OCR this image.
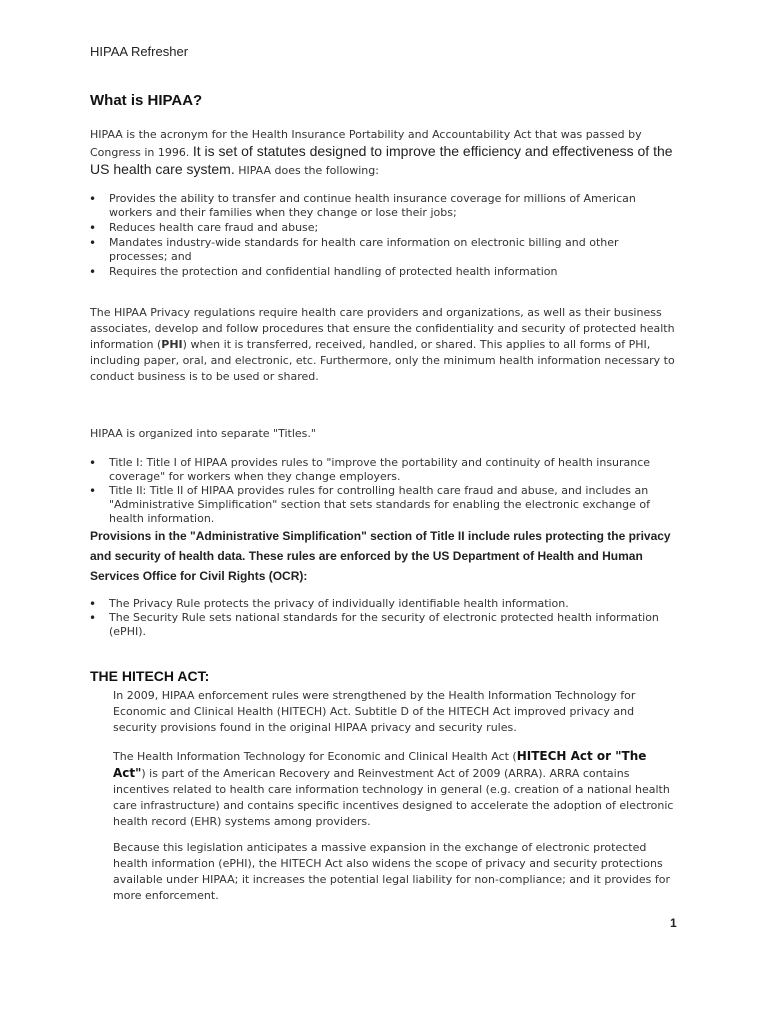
HIPAA Refresher
What is HIPAA?
HIPAA is the acronym for the Health Insurance Portability and Accountability Act that was passed by Congress in 1996. It is set of statutes designed to improve the efficiency and effectiveness of the US health care system. HIPAA does the following:
• Provides the ability to transfer and continue health insurance coverage for millions of American workers and their families when they change or lose their jobs;
• Reduces health care fraud and abuse;
• Mandates industry-wide standards for health care information on electronic billing and other processes; and
• Requires the protection and confidential handling of protected health information
The HIPAA Privacy regulations require health care providers and organizations, as well as their business associates, develop and follow procedures that ensure the confidentiality and security of protected health information (PHI) when it is transferred, received, handled, or shared. This applies to all forms of PHI, including paper, oral, and electronic, etc. Furthermore, only the minimum health information necessary to conduct business is to be used or shared.
HIPAA is organized into separate "Titles."
• Title I: Title I of HIPAA provides rules to "improve the portability and continuity of health insurance coverage" for workers when they change employers.
• Title II: Title II of HIPAA provides rules for controlling health care fraud and abuse, and includes an "Administrative Simplification" section that sets standards for enabling the electronic exchange of health information.
Provisions in the "Administrative Simplification" section of Title II include rules protecting the privacy and security of health data. These rules are enforced by the US Department of Health and Human Services Office for Civil Rights (OCR):
• The Privacy Rule protects the privacy of individually identifiable health information.
• The Security Rule sets national standards for the security of electronic protected health information (ePHI).
THE HITECH ACT:
In 2009, HIPAA enforcement rules were strengthened by the Health Information Technology for Economic and Clinical Health (HITECH) Act. Subtitle D of the HITECH Act improved privacy and security provisions found in the original HIPAA privacy and security rules.
The Health Information Technology for Economic and Clinical Health Act (HITECH Act or "The Act") is part of the American Recovery and Reinvestment Act of 2009 (ARRA). ARRA contains incentives related to health care information technology in general (e.g. creation of a national health care infrastructure) and contains specific incentives designed to accelerate the adoption of electronic health record (EHR) systems among providers.
Because this legislation anticipates a massive expansion in the exchange of electronic protected health information (ePHI), the HITECH Act also widens the scope of privacy and security protections available under HIPAA; it increases the potential legal liability for non-compliance; and it provides for more enforcement.
1
